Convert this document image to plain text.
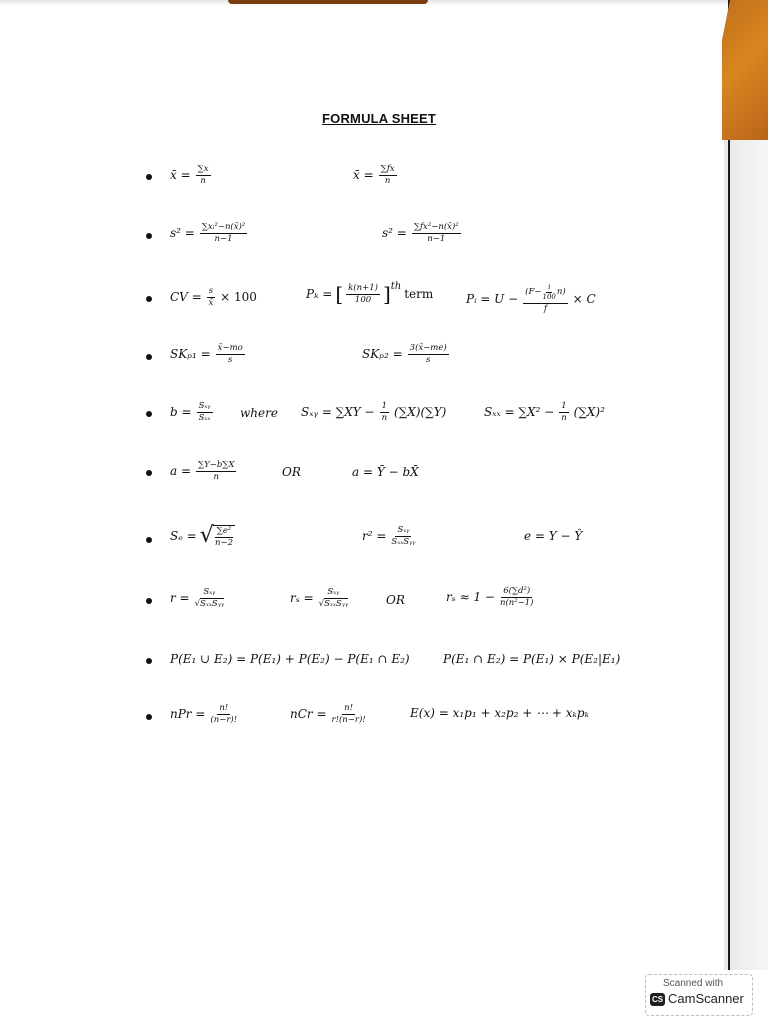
FORMULA SHEET
x̄ = $\frac{\sum x}{n}$	x̄ = $\frac{\sum fx}{n}$
$s^2 = \frac{\text{∑xᵢ²−n(x̄)²}}{n-1}$	$s^2 = \frac{\text{∑fx²−n(x̄)²}}{n-1}$
CV = $\frac{s}{x̄} \times 100$	Pₖ = [ $\frac{k(n+1)}{100} ]^{th}$
term	Pᵢ = $U - \frac{(F- \frac{i}{100} n)}{f} \times C$
$SK_{p1} = \frac{x̄-mo}{s}$	$SK_{p2} = \frac{3(x̄-me)}{s}$
$b = \frac{\text{Sₓᵧ}}{\text{Sₓₓ}}$ where Sₓᵧ = $\sum XY - \frac{1}{n} (\sum X)(\sum Y)$	$S_{xx} = \sum X^2 - \frac{1}{n} (\sum X)^2$
$a = \frac{\sum Y-b\sum X}{n}$	OR	a = Ȳ − bX̄
Sₑ = √ $\frac{\text{∑e²}}{n-2}$	$r^2 = \frac{\text{Sₓᵧ}}{\text{SₓₓSᵧᵧ}}$	e = Y − Ŷ
$r = \frac{\text{Sₓᵧ}}{\text{√SₓₓSᵧᵧ}}$	$r_s = \frac{\text{Sₓᵧ}}{\text{√SₓₓSᵧᵧ}}$	OR	$r_s \approx 1 - \frac{\text{6(∑d²)}}{\text{n(n²−1)}}$
P(E₁ ∪ E₂) = P(E₁) + P(E₂) − P(E₁ ∩ E₂)	P(E₁ ∩ E₂) = P(E₁) × P(E₂|E₁)
nPr = $\frac{n!}{(n-r)!}$	nCr = $\frac{n!}{r!(n-r)!}$	E(x) = x₁p₁ + x₂p₂ + ⋯ + xₖpₖ
Scanned with
CS CamScanner
